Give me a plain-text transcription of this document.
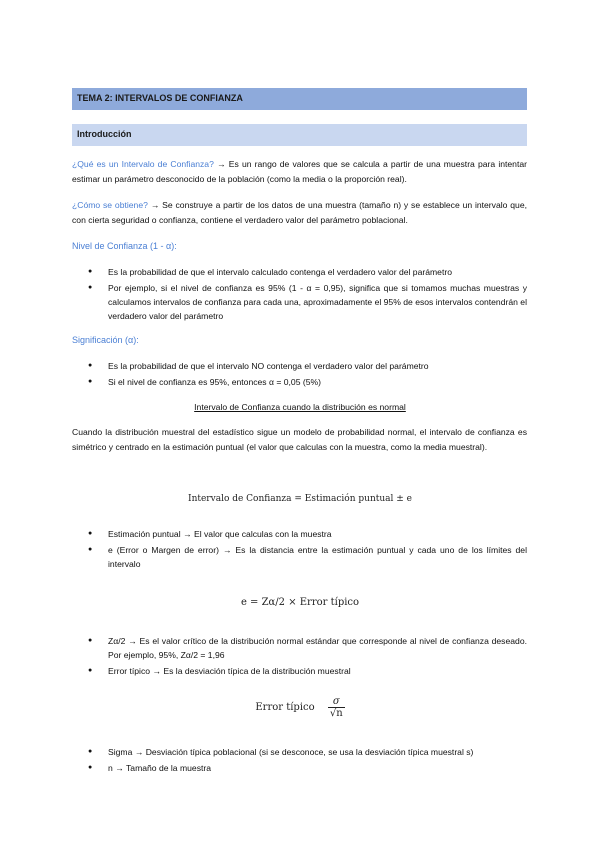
TEMA 2: INTERVALOS DE CONFIANZA
Introducción
¿Qué es un Intervalo de Confianza? → Es un rango de valores que se calcula a partir de una muestra para intentar estimar un parámetro desconocido de la población (como la media o la proporción real).
¿Cómo se obtiene? → Se construye a partir de los datos de una muestra (tamaño n) y se establece un intervalo que, con cierta seguridad o confianza, contiene el verdadero valor del parámetro poblacional.
Nivel de Confianza (1 - α):
● Es la probabilidad de que el intervalo calculado contenga el verdadero valor del parámetro
● Por ejemplo, si el nivel de confianza es 95% (1 - α = 0,95), significa que si tomamos muchas muestras y calculamos intervalos de confianza para cada una, aproximadamente el 95% de esos intervalos contendrán el verdadero valor del parámetro
Significación (α):
● Es la probabilidad de que el intervalo NO contenga el verdadero valor del parámetro
● Si el nivel de confianza es 95%, entonces α = 0,05 (5%)
Intervalo de Confianza cuando la distribución es normal
Cuando la distribución muestral del estadístico sigue un modelo de probabilidad normal, el intervalo de confianza es simétrico y centrado en la estimación puntual (el valor que calculas con la muestra, como la media muestral).
Intervalo de Confianza = Estimación puntual ± e
● Estimación puntual → El valor que calculas con la muestra
● e (Error o Margen de error) → Es la distancia entre la estimación puntual y cada uno de los límites del intervalo
e = Zα/2 × Error típico
● Zα/2 → Es el valor crítico de la distribución normal estándar que corresponde al nivel de confianza deseado. Por ejemplo, 95%, Zα/2 = 1,96
● Error típico → Es la desviación típica de la distribución muestral
Error típico $\frac{\sigma}{√n}$
● Sigma → Desviación típica poblacional (si se desconoce, se usa la desviación típica muestral s)
● n → Tamaño de la muestra
